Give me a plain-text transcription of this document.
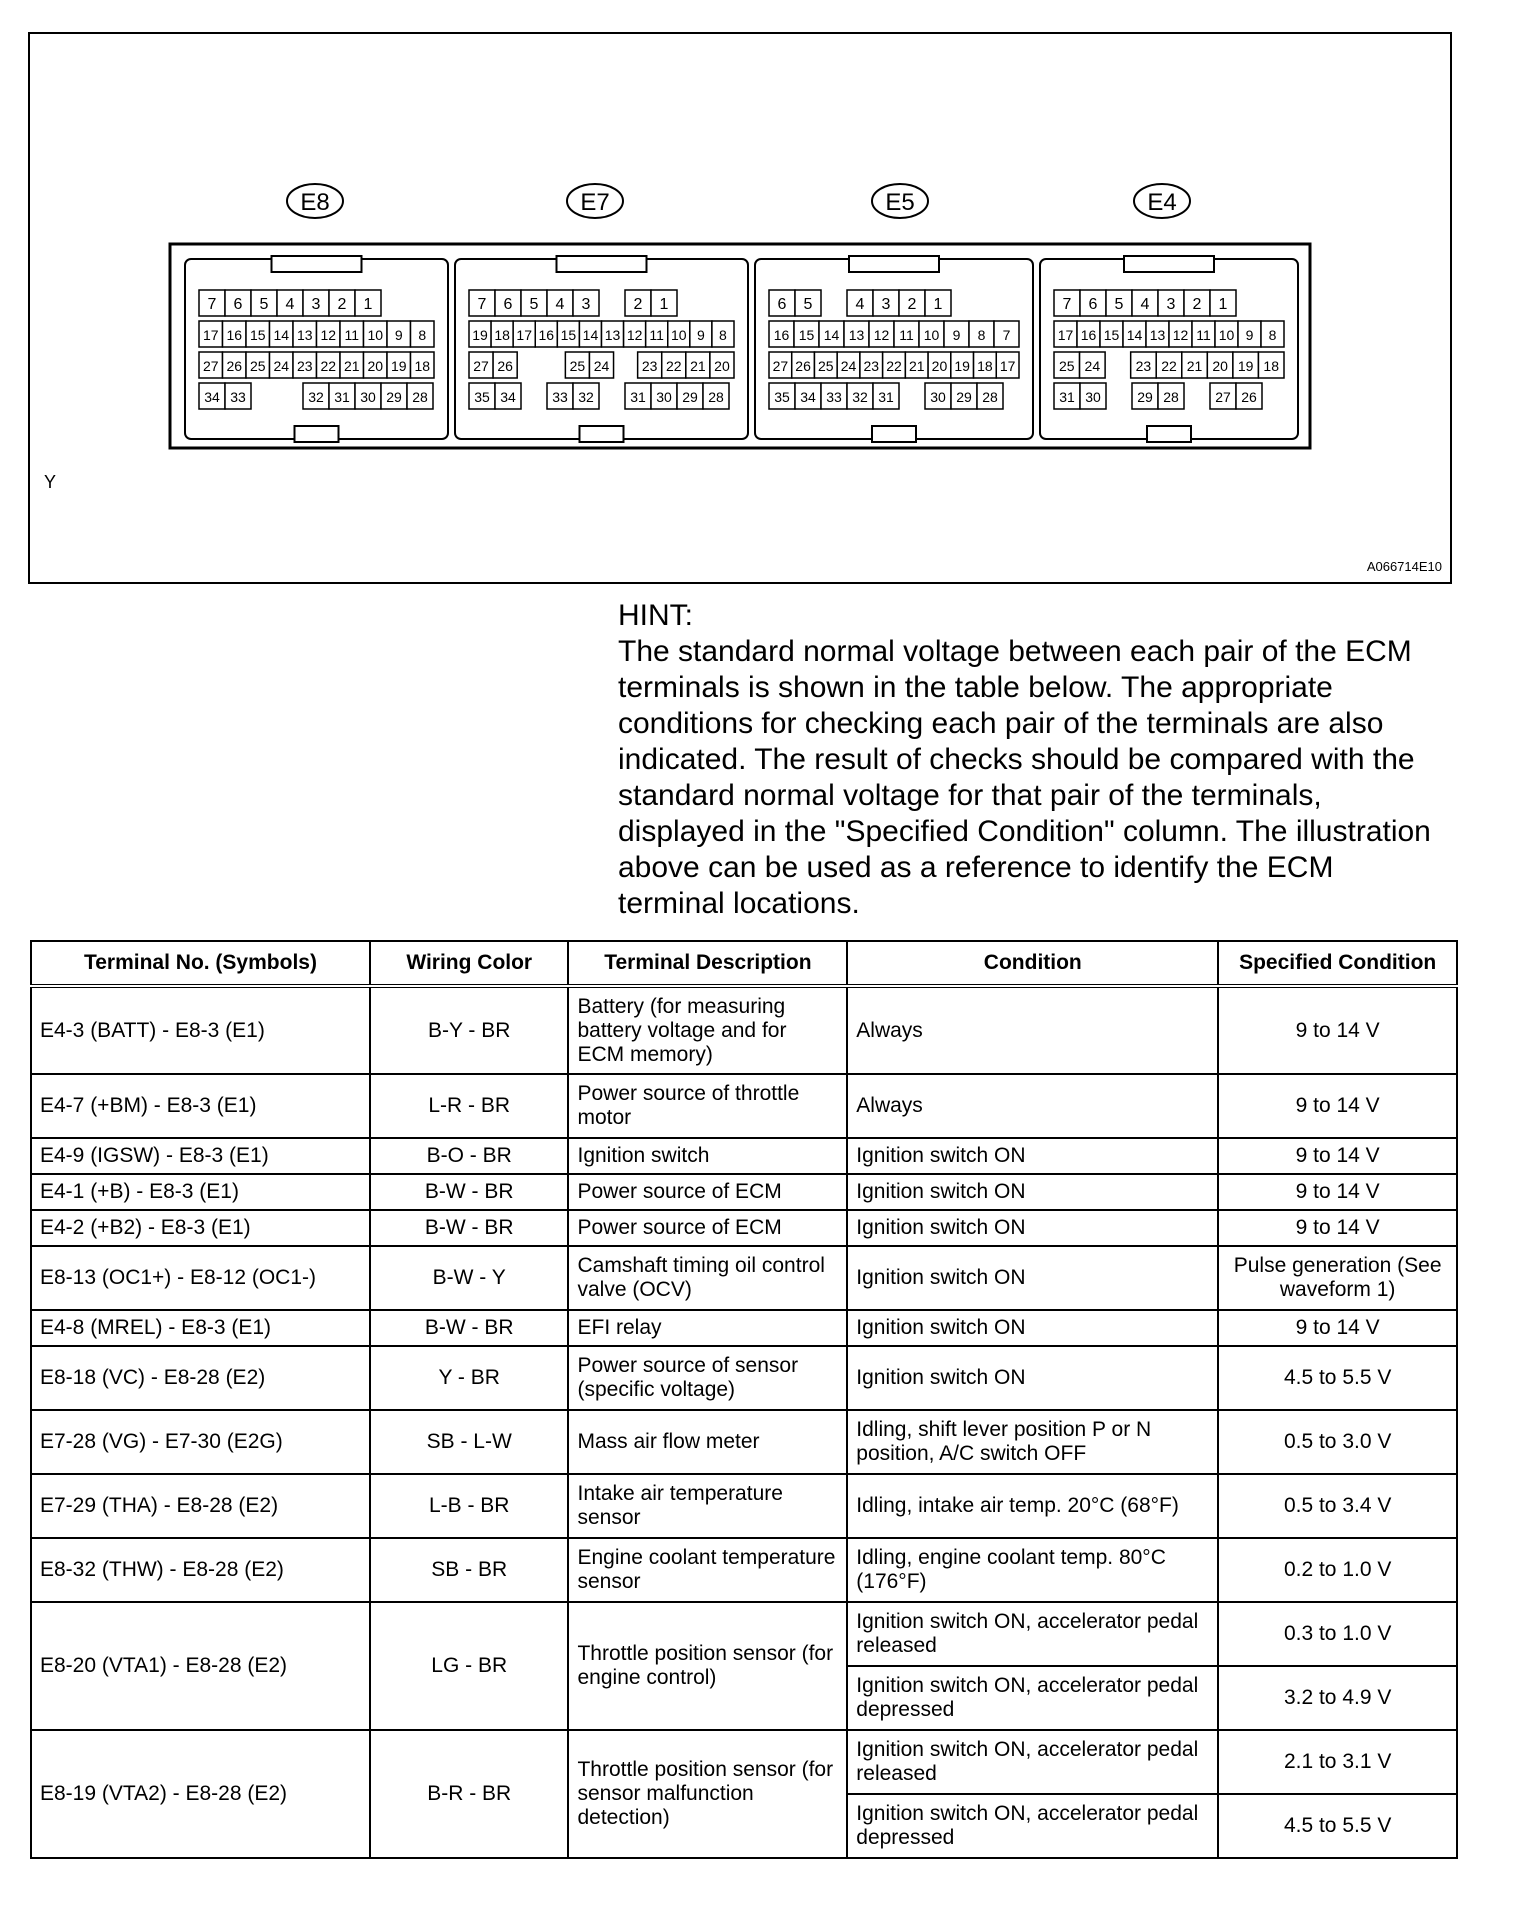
E8
7 6 5 4 3 2 1
17 16 15 14 13 12 11 10 9 8
27 26 25 24 23 22 21 20 19 18
34 33	32 31 30 29 28
E7
7 6 5 4 3	2 1
19 18 17 16 15 14 13 12 11 10 9 8
27 26	25 24 23 22 21 20
35 34	33 32	31 30 29 28
E5
6 5	4 3 2 1
16 15 14 13 12 11 10 9 8 7
27 26 25 24 23 22 21 20 19 18 17
35 34 33 32 31	30 29 28
E4
7 6 5 4 3 2 1
17 16 15 14 13 12 11 10 9 8
25 24	23 22 21 20 19 18
31 30	29 28	27 26
Y
A066714E10
HINT:
The standard normal voltage between each pair of the ECM terminals is shown in the table below. The appropriate conditions for checking each pair of the terminals are also indicated. The result of checks should be compared with the standard normal voltage for that pair of the terminals, displayed in the "Specified Condition" column. The illustration above can be used as a reference to identify the ECM terminal locations.
Terminal No. (Symbols)	Wiring Color	Terminal Description	Condition	Specified Condition
E4-3 (BATT) - E8-3 (E1)	B-Y - BR	Battery (for measuring battery voltage and for ECM memory)	Always	9 to 14 V
E4-7 (+BM) - E8-3 (E1)	L-R - BR	Power source of throttle motor	Always	9 to 14 V
E4-9 (IGSW) - E8-3 (E1)	B-O - BR	Ignition switch	Ignition switch ON	9 to 14 V
E4-1 (+B) - E8-3 (E1)	B-W - BR	Power source of ECM	Ignition switch ON	9 to 14 V
E4-2 (+B2) - E8-3 (E1)	B-W - BR	Power source of ECM	Ignition switch ON	9 to 14 V
E8-13 (OC1+) - E8-12 (OC1-)	B-W - Y	Camshaft timing oil control valve (OCV)	Ignition switch ON	Pulse generation (See waveform 1)
E4-8 (MREL) - E8-3 (E1)	B-W - BR	EFI relay	Ignition switch ON	9 to 14 V
E8-18 (VC) - E8-28 (E2)	Y - BR	Power source of sensor (specific voltage)	Ignition switch ON	4.5 to 5.5 V
E7-28 (VG) - E7-30 (E2G)	SB - L-W	Mass air flow meter	Idling, shift lever position P or N position, A/C switch OFF	0.5 to 3.0 V
E7-29 (THA) - E8-28 (E2)	L-B - BR	Intake air temperature sensor	Idling, intake air temp. 20°C (68°F)	0.5 to 3.4 V
E8-32 (THW) - E8-28 (E2)	SB - BR	Engine coolant temperature sensor	Idling, engine coolant temp. 80°C (176°F)	0.2 to 1.0 V
E8-20 (VTA1) - E8-28 (E2)	LG - BR	Throttle position sensor (for engine control)	Ignition switch ON, accelerator pedal released	0.3 to 1.0 V
			Ignition switch ON, accelerator pedal depressed	3.2 to 4.9 V
E8-19 (VTA2) - E8-28 (E2)	B-R - BR	Throttle position sensor (for sensor malfunction detection)	Ignition switch ON, accelerator pedal released	2.1 to 3.1 V
			Ignition switch ON, accelerator pedal depressed	4.5 to 5.5 V
